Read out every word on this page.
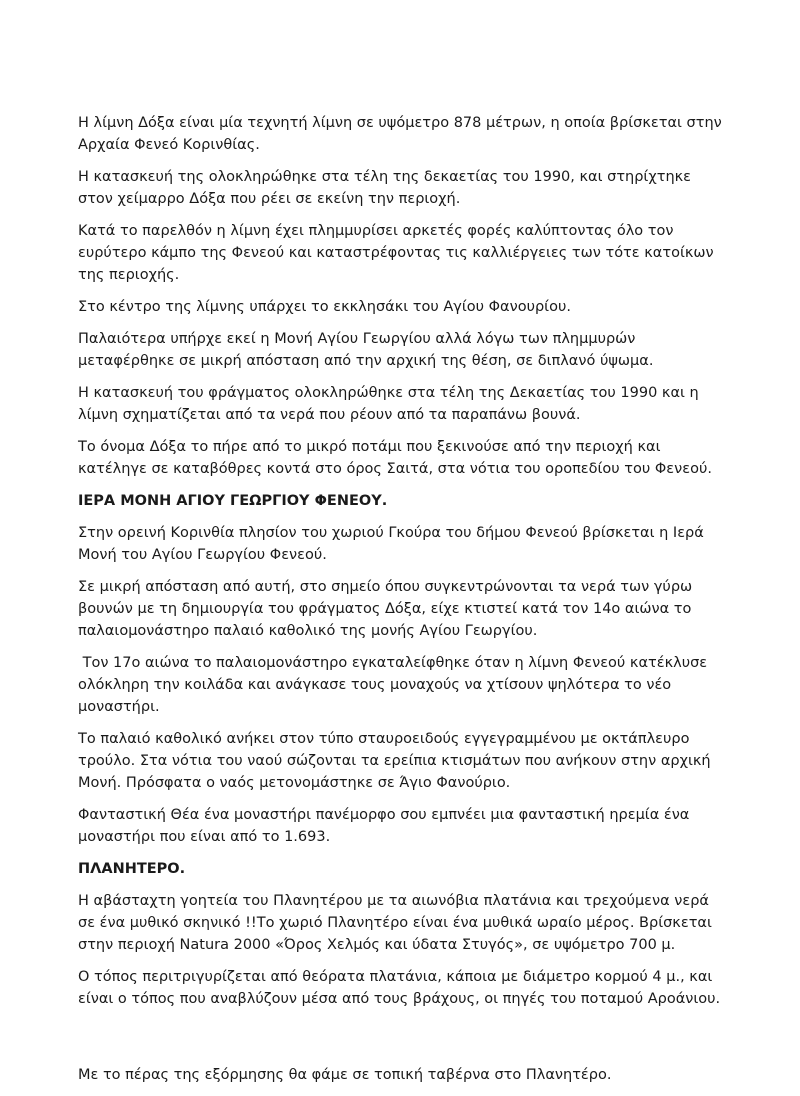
Η λίμνη Δόξα είναι μία τεχνητή λίμνη σε υψόμετρο 878 μέτρων, η οποία βρίσκεται στην Αρχαία Φενεό Κορινθίας.

Η κατασκευή της ολοκληρώθηκε στα τέλη της δεκαετίας του 1990, και στηρίχτηκε στον χείμαρρο Δόξα που ρέει σε εκείνη την περιοχή.

Κατά το παρελθόν η λίμνη έχει πλημμυρίσει αρκετές φορές καλύπτοντας όλο τον ευρύτερο κάμπο της Φενεού και καταστρέφοντας τις καλλιέργειες των τότε κατοίκων της περιοχής.

Στο κέντρο της λίμνης υπάρχει το εκκλησάκι του Αγίου Φανουρίου.

Παλαιότερα υπήρχε εκεί η Μονή Αγίου Γεωργίου αλλά λόγω των πλημμυρών μεταφέρθηκε σε μικρή απόσταση από την αρχική της θέση, σε διπλανό ύψωμα.

Η κατασκευή του φράγματος ολοκληρώθηκε στα τέλη της Δεκαετίας του 1990 και η λίμνη σχηματίζεται από τα νερά που ρέουν από τα παραπάνω βουνά.

Το όνομα Δόξα το πήρε από το μικρό ποτάμι που ξεκινούσε από την περιοχή και κατέληγε σε καταβόθρες κοντά στο όρος Σαιτά, στα νότια του οροπεδίου του Φενεού.

ΙΕΡΑ ΜΟΝΗ ΑΓΙΟΥ ΓΕΩΡΓΙΟΥ ΦΕΝΕΟΥ.

Στην ορεινή Κορινθία πλησίον του χωριού Γκούρα του δήμου Φενεού βρίσκεται η Ιερά Μονή του Αγίου Γεωργίου Φενεού.

Σε μικρή απόσταση από αυτή, στο σημείο όπου συγκεντρώνονται τα νερά των γύρω βουνών με τη δημιουργία του φράγματος Δόξα, είχε κτιστεί κατά τον 14ο αιώνα το παλαιομονάστηρο παλαιό καθολικό της μονής Αγίου Γεωργίου.

Τον 17ο αιώνα το παλαιομονάστηρο εγκαταλείφθηκε όταν η λίμνη Φενεού κατέκλυσε ολόκληρη την κοιλάδα και ανάγκασε τους μοναχούς να χτίσουν ψηλότερα το νέο μοναστήρι.

Το παλαιό καθολικό ανήκει στον τύπο σταυροειδούς εγγεγραμμένου με οκτάπλευρο τρούλο. Στα νότια του ναού σώζονται τα ερείπια κτισμάτων που ανήκουν στην αρχική Μονή. Πρόσφατα ο ναός μετονομάστηκε σε Άγιο Φανούριο.

Φανταστική Θέα ένα μοναστήρι πανέμορφο σου εμπνέει μια φανταστική ηρεμία ένα μοναστήρι που είναι από το 1.693.

ΠΛΑΝΗΤΕΡΟ.

Η αβάσταχτη γοητεία του Πλανητέρου με τα αιωνόβια πλατάνια και τρεχούμενα νερά σε ένα μυθικό σκηνικό !!Το χωριό Πλανητέρο είναι ένα μυθικά ωραίο μέρος. Βρίσκεται στην περιοχή Natura 2000 «Όρος Χελμός και ύδατα Στυγός», σε υψόμετρο 700 μ.

Ο τόπος περιτριγυρίζεται από θεόρατα πλατάνια, κάποια με διάμετρο κορμού 4 μ., και είναι ο τόπος που αναβλύζουν μέσα από τους βράχους, οι πηγές του ποταμού Αροάνιου.

Με το πέρας της εξόρμησης θα φάμε σε τοπική ταβέρνα στο Πλανητέρο.
